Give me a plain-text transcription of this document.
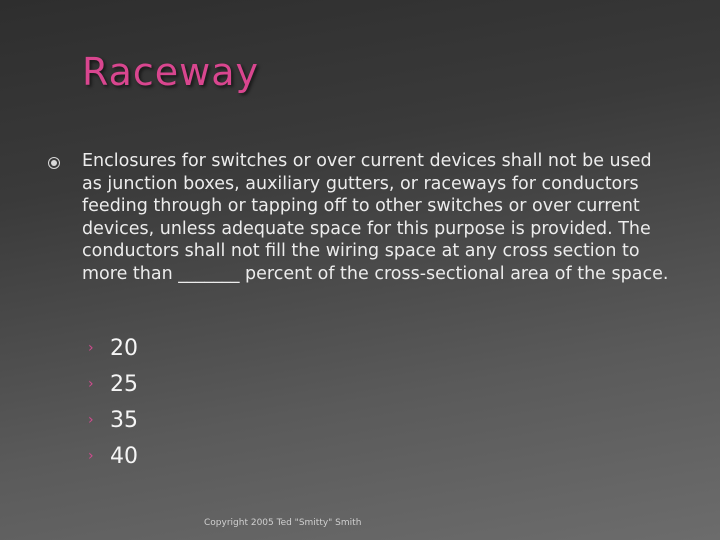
Raceway

Enclosures for switches or over current devices shall not be used as junction boxes, auxiliary gutters, or raceways for conductors feeding through or tapping off to other switches or over current devices, unless adequate space for this purpose is provided. The conductors shall not fill the wiring space at any cross section to more than _______ percent of the cross-sectional area of the space.

› 20
› 25
› 35
› 40
Copyright 2005 Ted "Smitty" Smith
